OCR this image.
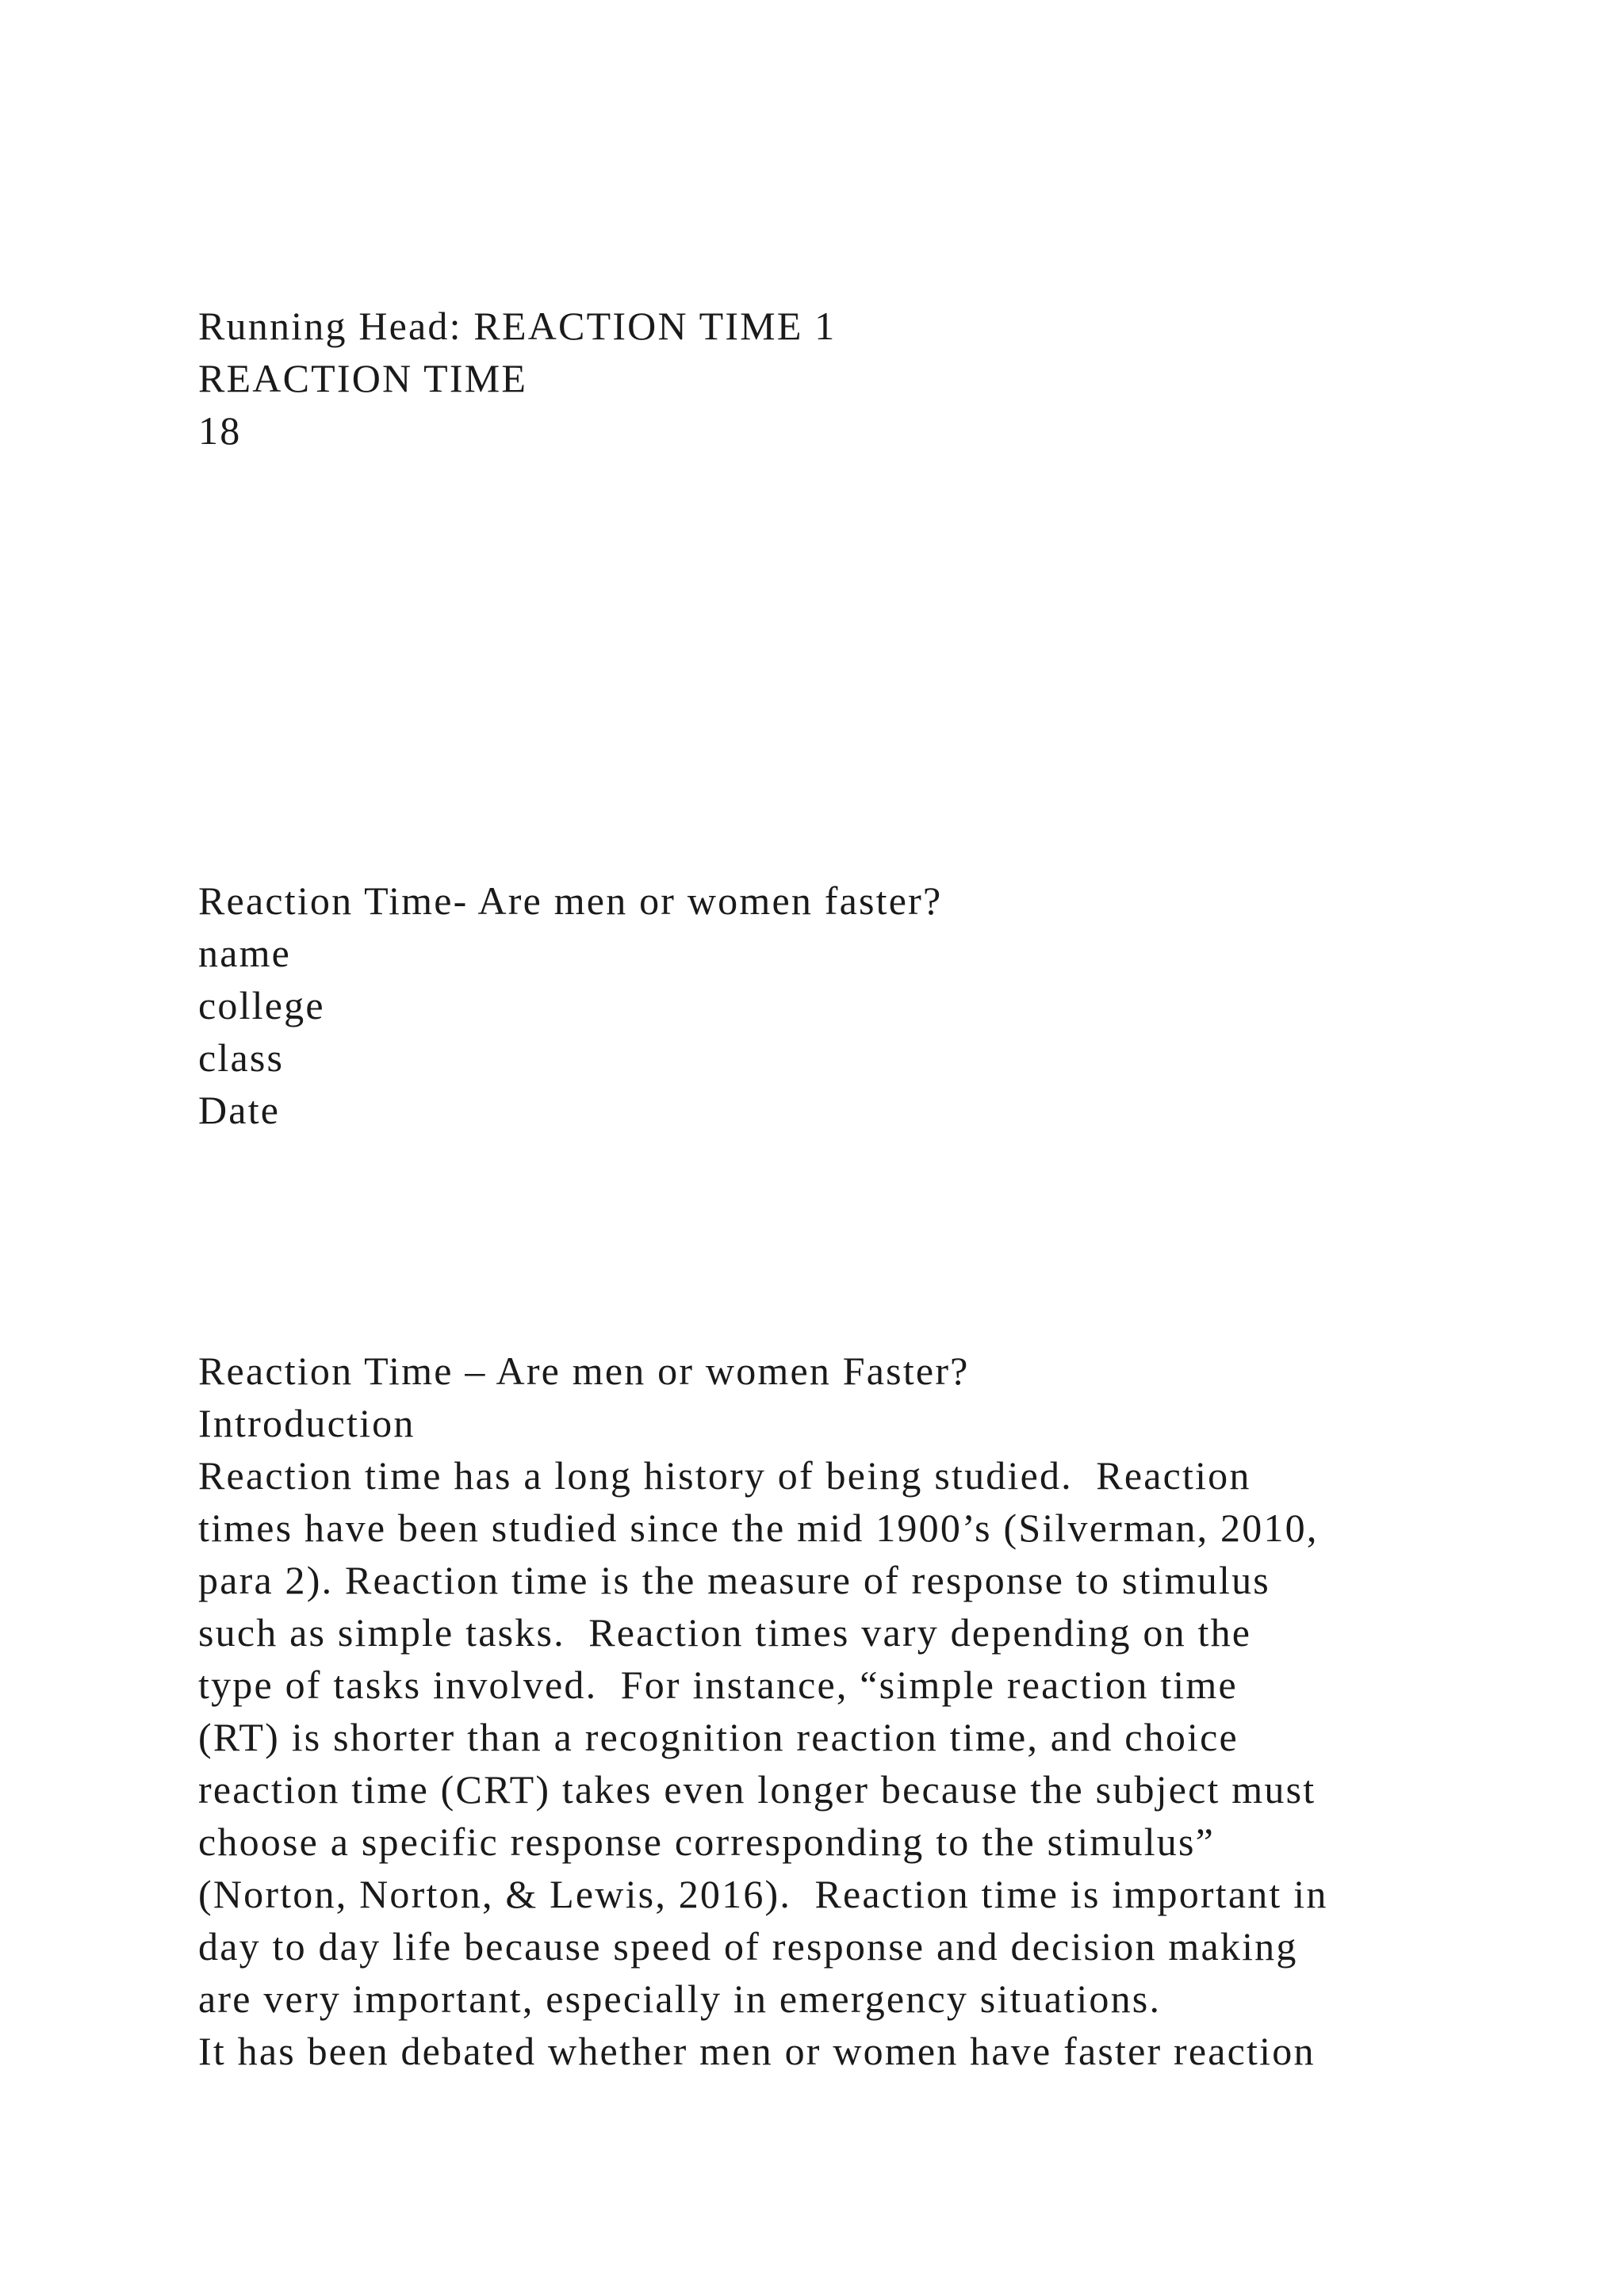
Running Head: REACTION TIME 1
REACTION TIME
18
Reaction Time- Are men or women faster?
name
college
class
Date
Reaction Time – Are men or women Faster?
Introduction
Reaction time has a long history of being studied.  Reaction
times have been studied since the mid 1900’s (Silverman, 2010,
para 2). Reaction time is the measure of response to stimulus
such as simple tasks.  Reaction times vary depending on the
type of tasks involved.  For instance, “simple reaction time
(RT) is shorter than a recognition reaction time, and choice
reaction time (CRT) takes even longer because the subject must
choose a specific response corresponding to the stimulus”
(Norton, Norton, & Lewis, 2016).  Reaction time is important in
day to day life because speed of response and decision making
are very important, especially in emergency situations.
It has been debated whether men or women have faster reaction
